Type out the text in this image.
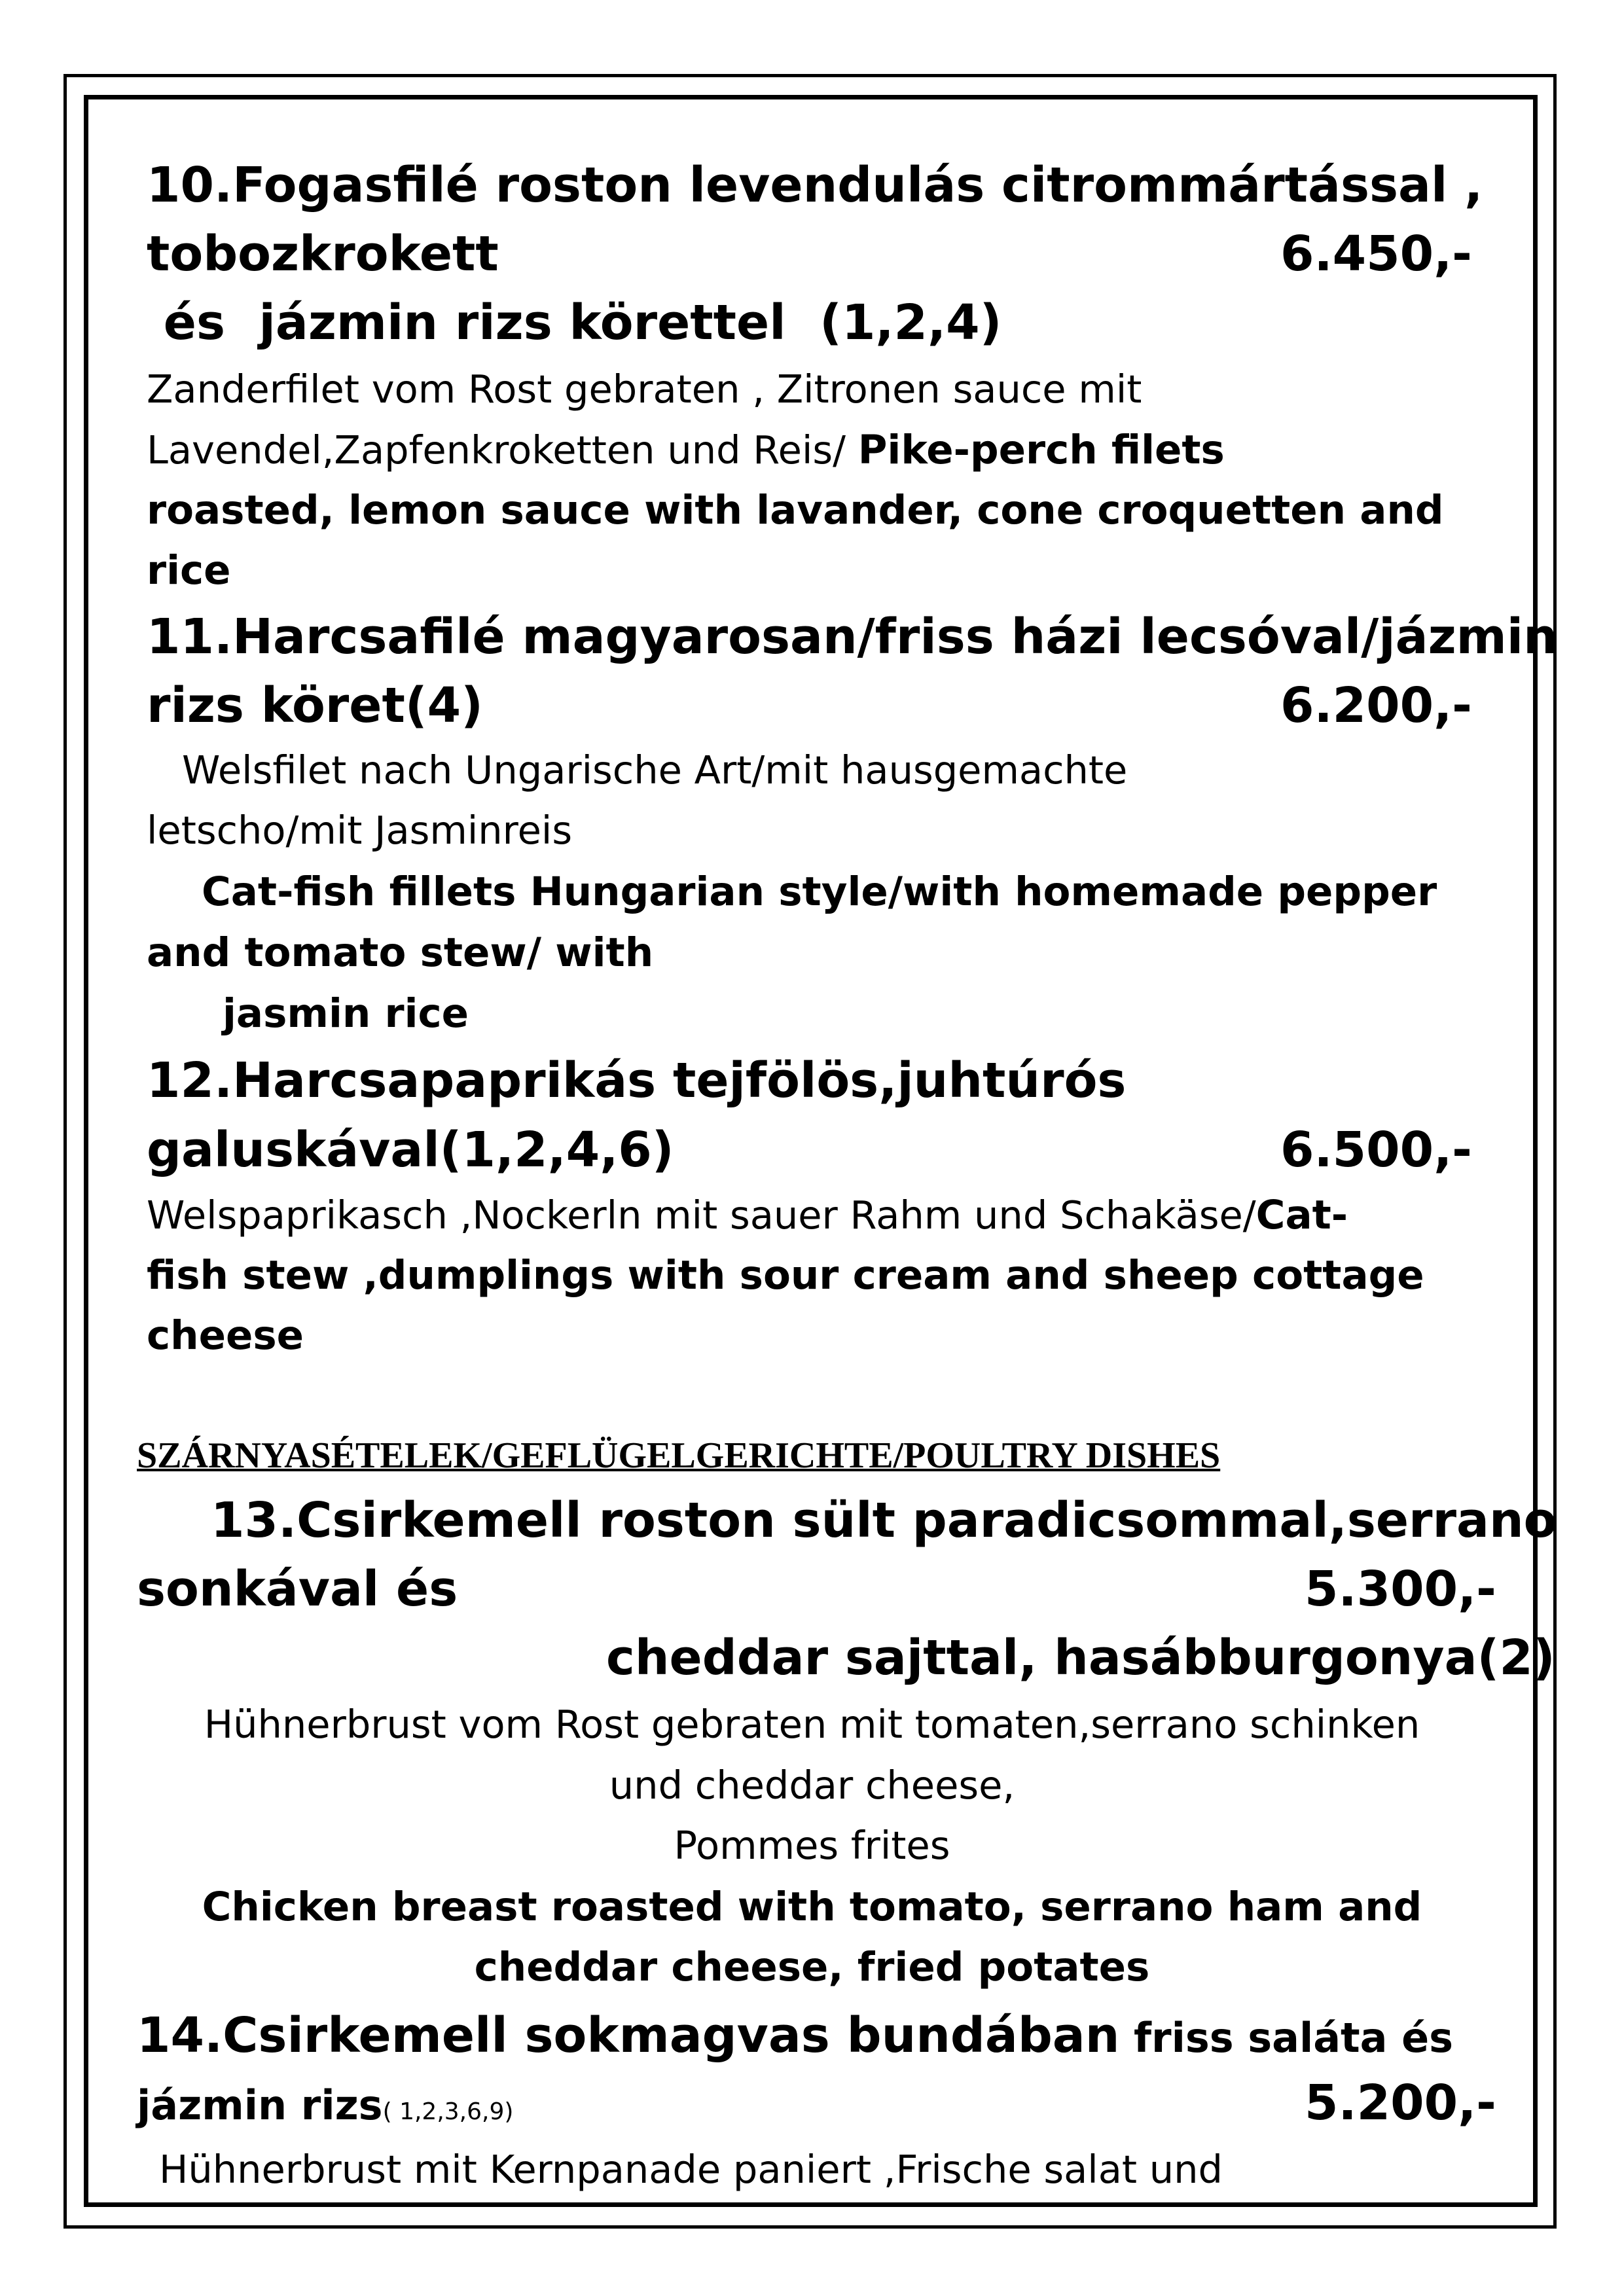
10.Fogasfilé roston levendulás citrommártással ,
tobozkrokett	6.450,-
és  jázmin rizs körettel  (1,2,4)
Zanderfilet vom Rost gebraten , Zitronen sauce mit
Lavendel,Zapfenkroketten und Reis/ Pike-perch filets
roasted, lemon sauce with lavander, cone croquetten and
rice
11.Harcsafilé magyarosan/friss házi lecsóval/jázmin
rizs köret(4)	6.200,-
Welsfilet nach Ungarische Art/mit hausgemachte
letscho/mit Jasminreis
Cat-fish fillets Hungarian style/with homemade pepper
and tomato stew/ with
jasmin rice
12.Harcsapaprikás tejfölös,juhtúrós
galuskával(1,2,4,6)	6.500,-
Welspaprikasch ,Nockerln mit sauer Rahm und Schakäse/Cat-
fish stew ,dumplings with sour cream and sheep cottage
cheese
SZÁRNYASÉTELEK/GEFLÜGELGERICHTE/POULTRY DISHES
13.Csirkemell roston sült paradicsommal,serrano
sonkával és	5.300,-
cheddar sajttal, hasábburgonya(2)
Hühnerbrust vom Rost gebraten mit tomaten,serrano schinken
und cheddar cheese,
Pommes frites
Chicken breast roasted with tomato, serrano ham and
cheddar cheese, fried potates
14.Csirkemell sokmagvas bundában friss saláta és
jázmin rizs( 1,2,3,6,9)	5.200,-
Hühnerbrust mit Kernpanade paniert ,Frische salat und
